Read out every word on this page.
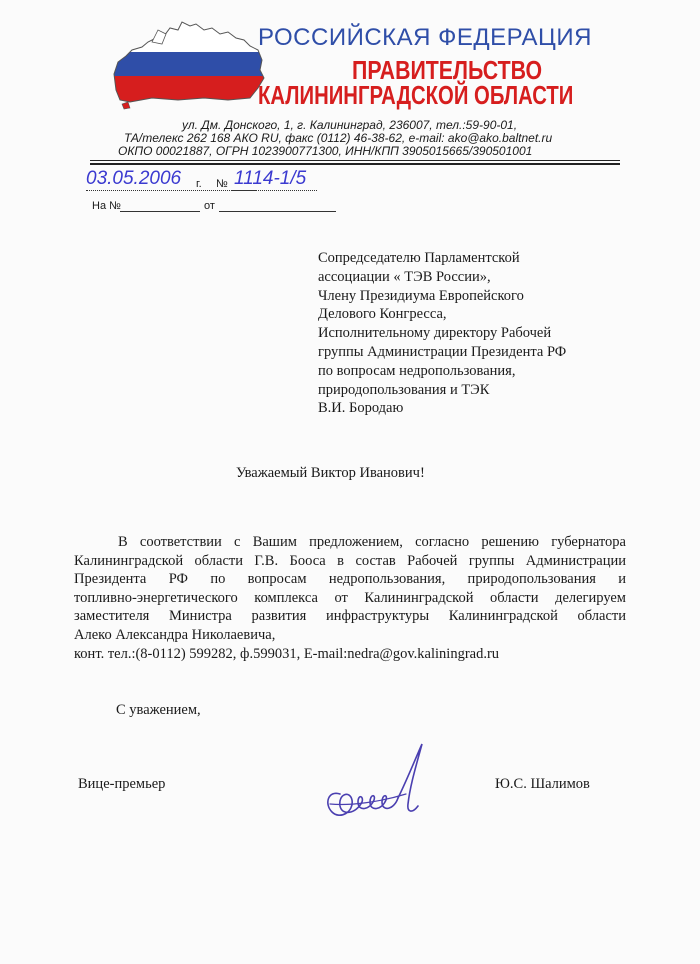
РОССИЙСКАЯ ФЕДЕРАЦИЯ
ПРАВИТЕЛЬСТВО
КАЛИНИНГРАДСКОЙ ОБЛАСТИ
ул. Дм. Донского, 1, г. Калининград, 236007, тел.:59-90-01,
ТА/телекс 262 168 АКО RU, факс (0112) 46-38-62, e-mail: ako@ako.baltnet.ru
ОКПО 00021887, ОГРН 1023900771300, ИНН/КПП 3905015665/390501001
03.05.2006 г. № 1114-1/5
На №	от
Сопредседателю Парламентской
ассоциации « ТЭВ России»,
Члену Президиума Европейского
Делового Конгресса,
Исполнительному директору Рабочей
группы Администрации Президента РФ
по вопросам недропользования,
природопользования и ТЭК
В.И. Бородаю
Уважаемый Виктор Иванович!
В соответствии с Вашим предложением, согласно решению губернатора
Калининградской области Г.В. Бооса в состав Рабочей группы Администрации
Президента РФ по вопросам недропользования, природопользования и
топливно-энергетического комплекса от Калининградской области делегируем
заместителя Министра развития инфраструктуры Калининградской области
Алеко Александра Николаевича,
конт. тел.:(8-0112) 599282, ф.599031, E-mail:nedra@gov.kaliningrad.ru
С уважением,
Вице-премьер	Ю.С. Шалимов
